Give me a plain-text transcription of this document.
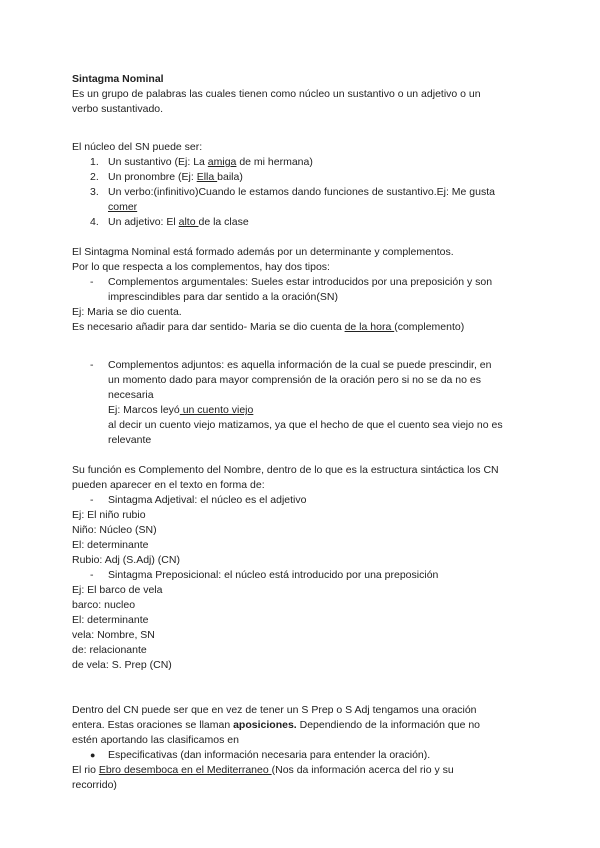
Sintagma Nominal

Es un grupo de palabras las cuales tienen como núcleo un sustantivo o un adjetivo o un

verbo sustantivado.

El núcleo del SN puede ser:

1. Un sustantivo (Ej: La amiga de mi hermana)
2. Un pronombre (Ej: Ella baila)
3. Un verbo:(infinitivo)Cuando le estamos dando funciones de sustantivo.Ej: Me gusta
comer
4. Un adjetivo: El alto de la clase

El Sintagma Nominal está formado además por un determinante y complementos.

Por lo que respecta a los complementos, hay dos tipos:

- Complementos argumentales: Sueles estar introducidos por una preposición y son
imprescindibles para dar sentido a la oración(SN)

Ej: Maria se dio cuenta.

Es necesario añadir para dar sentido- Maria se dio cuenta de la hora (complemento)

- Complementos adjuntos: es aquella información de la cual se puede prescindir, en
un momento dado para mayor comprensión de la oración pero si no se da no es
necesaria
Ej: Marcos leyó un cuento viejo
al decir un cuento viejo matizamos, ya que el hecho de que el cuento sea viejo no es
relevante

Su función es Complemento del Nombre, dentro de lo que es la estructura sintáctica los CN

pueden aparecer en el texto en forma de:

- Sintagma Adjetival: el núcleo es el adjetivo

Ej: El niño rubio

Niño: Núcleo (SN)

El: determinante

Rubio: Adj (S.Adj) (CN)

- Sintagma Preposicional: el núcleo está introducido por una preposición

Ej: El barco de vela

barco: nucleo

El: determinante

vela: Nombre, SN

de: relacionante

de vela: S. Prep (CN)

Dentro del CN puede ser que en vez de tener un S Prep o S Adj tengamos una oración

entera. Estas oraciones se llaman aposiciones. Dependiendo de la información que no

estén aportando las clasificamos en

● Especificativas (dan información necesaria para entender la oración).

El rio Ebro desemboca en el Mediterraneo (Nos da información acerca del rio y su

recorrido)
